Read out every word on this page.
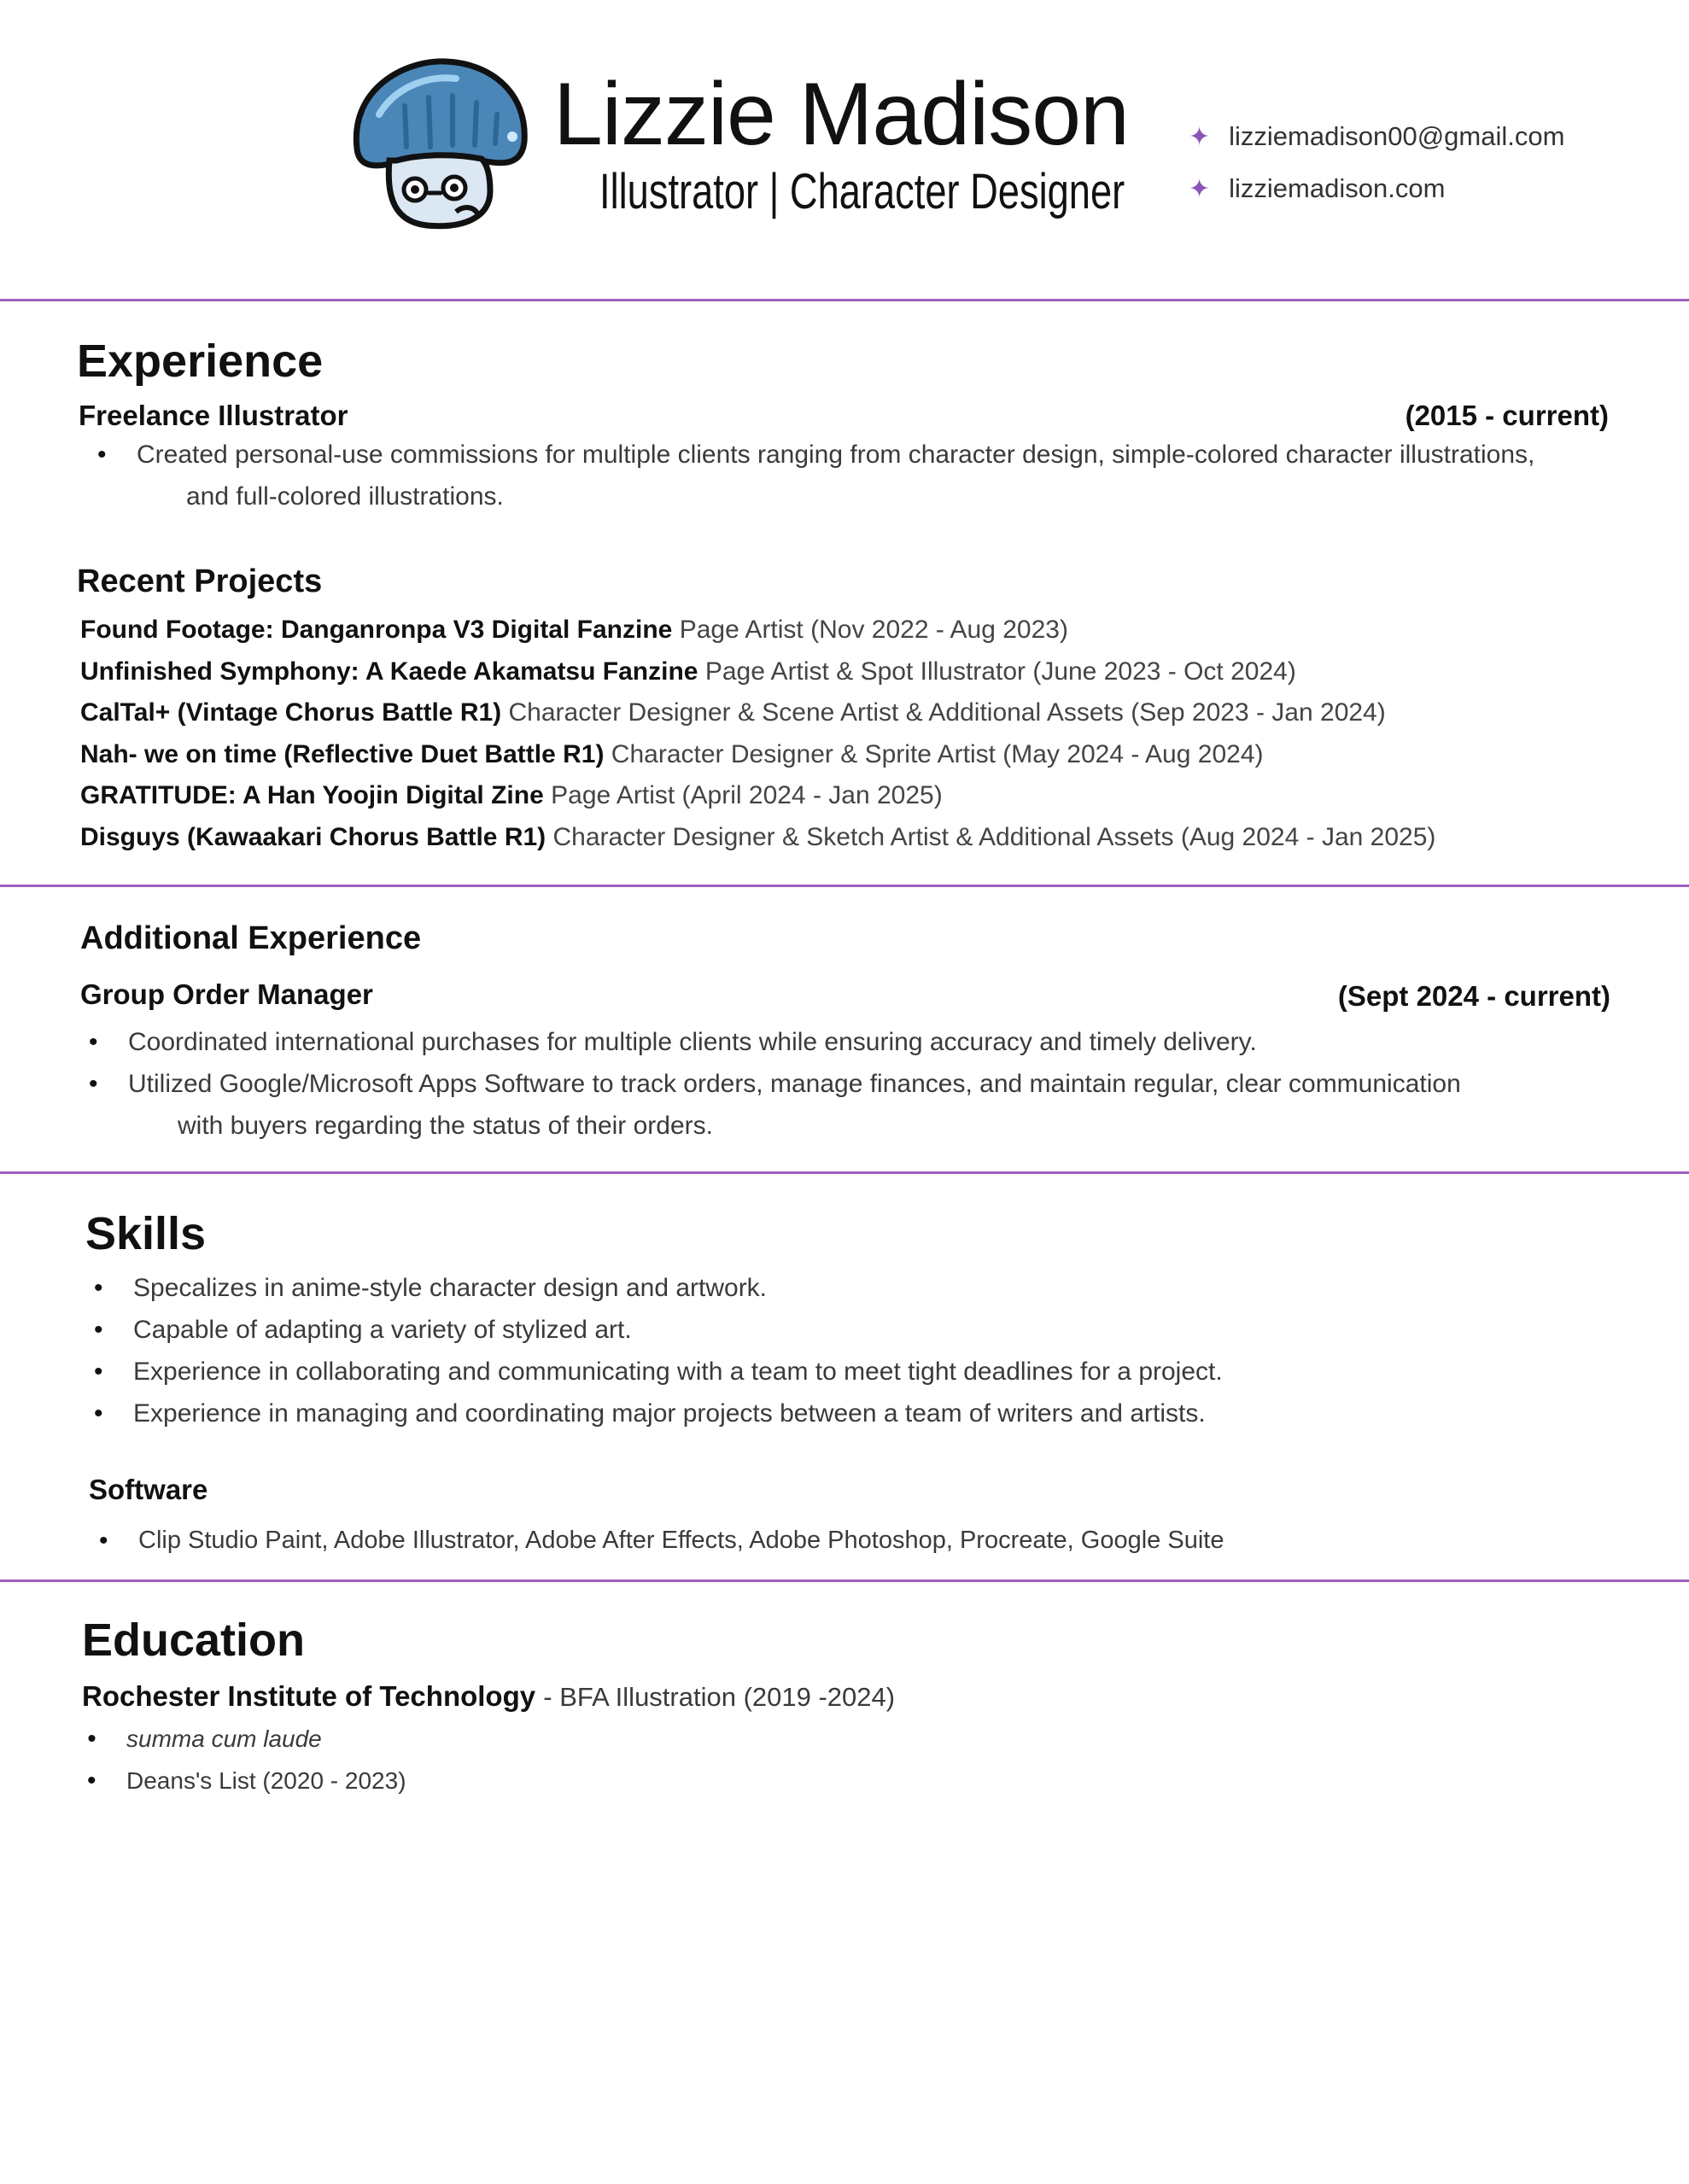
Lizzie Madison
Illustrator | Character Designer
✦ lizziemadison00@gmail.com
✦ lizziemadison.com
Experience
Freelance Illustrator	(2015 - current)
• Created personal-use commissions for multiple clients ranging from character design, simple-colored character illustrations,
and full-colored illustrations.
Recent Projects
Found Footage: Danganronpa V3 Digital Fanzine Page Artist (Nov 2022 - Aug 2023)
Unfinished Symphony: A Kaede Akamatsu Fanzine Page Artist & Spot Illustrator (June 2023 - Oct 2024)
CalTal+ (Vintage Chorus Battle R1) Character Designer & Scene Artist & Additional Assets (Sep 2023 - Jan 2024)
Nah- we on time (Reflective Duet Battle R1) Character Designer & Sprite Artist (May 2024 - Aug 2024)
GRATITUDE: A Han Yoojin Digital Zine Page Artist (April 2024 - Jan 2025)
Disguys (Kawaakari Chorus Battle R1) Character Designer & Sketch Artist & Additional Assets (Aug 2024 - Jan 2025)
Additional Experience
Group Order Manager	(Sept 2024 - current)
• Coordinated international purchases for multiple clients while ensuring accuracy and timely delivery.
• Utilized Google/Microsoft Apps Software to track orders, manage finances, and maintain regular, clear communication
with buyers regarding the status of their orders.
Skills
• Specalizes in anime-style character design and artwork.
• Capable of adapting a variety of stylized art.
• Experience in collaborating and communicating with a team to meet tight deadlines for a project.
• Experience in managing and coordinating major projects between a team of writers and artists.
Software
• Clip Studio Paint, Adobe Illustrator, Adobe After Effects, Adobe Photoshop, Procreate, Google Suite
Education
Rochester Institute of Technology - BFA Illustration (2019 -2024)
• summa cum laude
• Deans's List (2020 - 2023)
